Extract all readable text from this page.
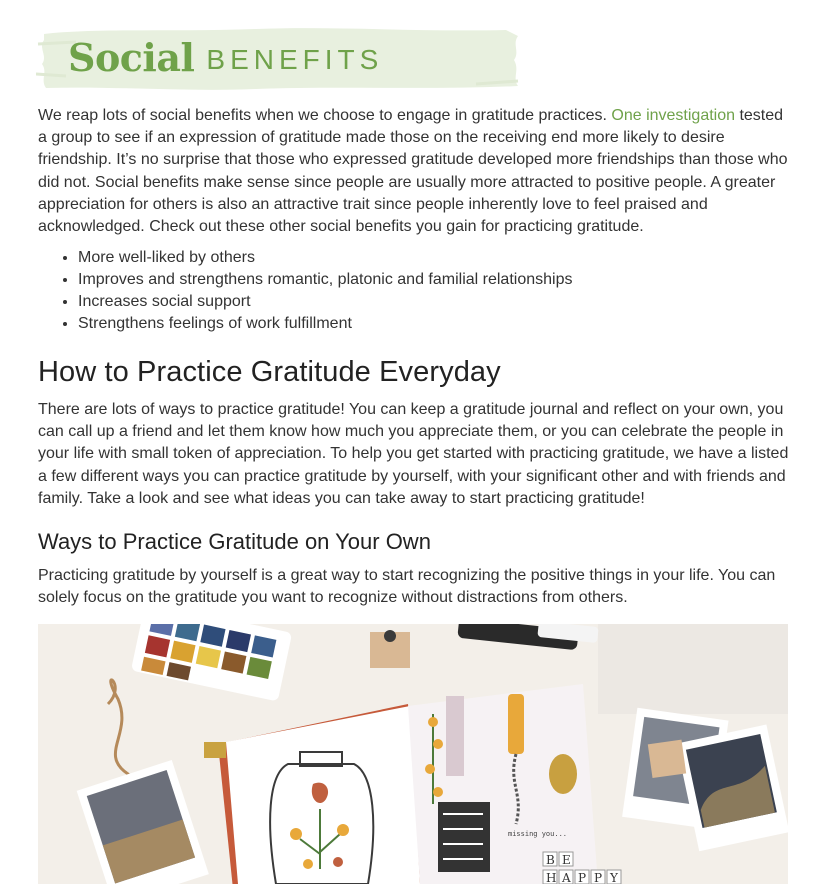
Social BENEFITS

We reap lots of social benefits when we choose to engage in gratitude practices. One investigation tested a group to see if an expression of gratitude made those on the receiving end more likely to desire friendship. It’s no surprise that those who expressed gratitude developed more friendships than those who did not. Social benefits make sense since people are usually more attracted to positive people. A greater appreciation for others is also an attractive trait since people inherently love to feel praised and acknowledged. Check out these other social benefits you gain for practicing gratitude.

• More well-liked by others
• Improves and strengthens romantic, platonic and familial relationships
• Increases social support
• Strengthens feelings of work fulfillment
How to Practice Gratitude Everyday

There are lots of ways to practice gratitude! You can keep a gratitude journal and reflect on your own, you can call up a friend and let them know how much you appreciate them, or you can celebrate the people in your life with small token of appreciation. To help you get started with practicing gratitude, we have a listed a few different ways you can practice gratitude by yourself, with your significant other and with friends and family. Take a look and see what ideas you can take away to start practicing gratitude!

Ways to Practice Gratitude on Your Own

Practicing gratitude by yourself is a great way to start recognizing the positive things in your life. You can solely focus on the gratitude you want to recognize without distractions from others.

missing you...
B E
H A P P Y
